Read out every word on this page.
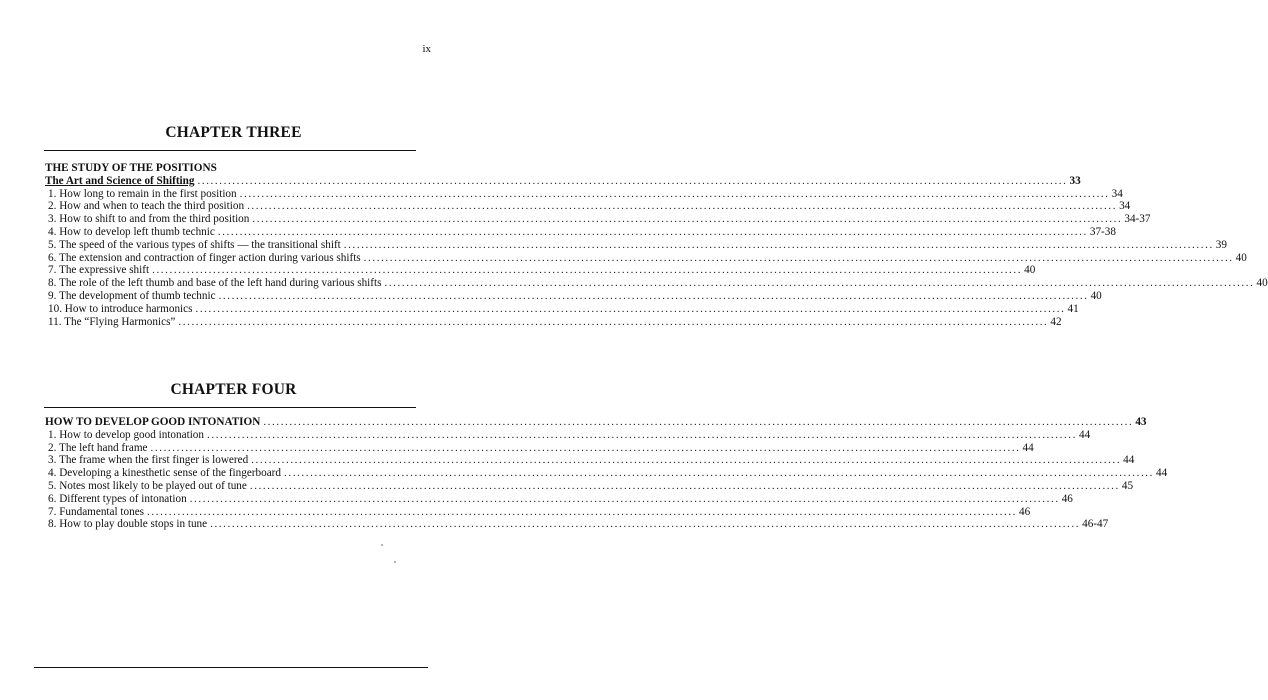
ix
CHAPTER THREE
THE STUDY OF THE POSITIONS
The Art and Science of Shifting ........................................................................................................................................................................................................ 33
1. How long to remain in the first position ........................................................................................................................................................................................................ 34
2. How and when to teach the third position ........................................................................................................................................................................................................ 34
3. How to shift to and from the third position ........................................................................................................................................................................................................ 34-37
4. How to develop left thumb technic ........................................................................................................................................................................................................ 37-38
5. The speed of the various types of shifts — the transitional shift ........................................................................................................................................................................................................ 39
6. The extension and contraction of finger action during various shifts ........................................................................................................................................................................................................ 40
7. The expressive shift ........................................................................................................................................................................................................ 40
8. The role of the left thumb and base of the left hand during various shifts ........................................................................................................................................................................................................ 40
9. The development of thumb technic ........................................................................................................................................................................................................ 40
10. How to introduce harmonics ........................................................................................................................................................................................................ 41
11. The “Flying Harmonics” ........................................................................................................................................................................................................ 42
CHAPTER FOUR
HOW TO DEVELOP GOOD INTONATION ........................................................................................................................................................................................................ 43
1. How to develop good intonation ........................................................................................................................................................................................................ 44
2. The left hand frame ........................................................................................................................................................................................................ 44
3. The frame when the first finger is lowered ........................................................................................................................................................................................................ 44
4. Developing a kinesthetic sense of the fingerboard ........................................................................................................................................................................................................ 44
5. Notes most likely to be played out of tune ........................................................................................................................................................................................................ 45
6. Different types of intonation ........................................................................................................................................................................................................ 46
7. Fundamental tones ........................................................................................................................................................................................................ 46
8. How to play double stops in tune ........................................................................................................................................................................................................ 46-47
